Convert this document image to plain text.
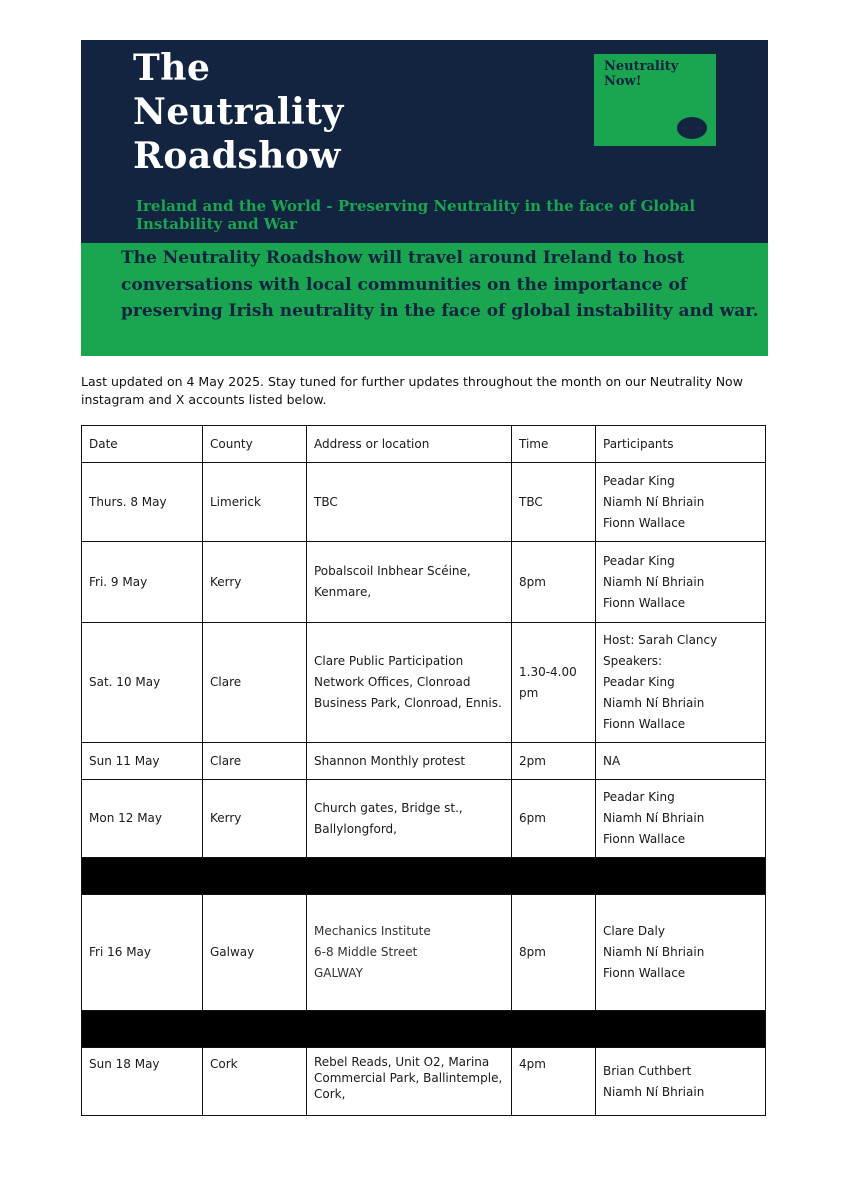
The
Neutrality
Roadshow
Neutrality
Now!

Ireland and the World - Preserving Neutrality in the face of Global Instability and War

The Neutrality Roadshow will travel around Ireland to host conversations with local communities on the importance of preserving Irish neutrality in the face of global instability and war.

Last updated on 4 May 2025. Stay tuned for further updates throughout the month on our Neutrality Now instagram and X accounts listed below.

Date	County	Address or location	Time	Participants
Thurs. 8 May	Limerick	TBC	TBC	Peadar King
Niamh Ní Bhriain
Fionn Wallace

Fri. 9 May	Kerry	Pobalscoil Inbhear Scéine,
Kenmare,	8pm	Peadar King
Niamh Ní Bhriain
Fionn Wallace

Sat. 10 May	Clare	Clare Public Participation
Network Offices, Clonroad
Business Park, Clonroad, Ennis.	1.30-4.00
pm	Host: Sarah Clancy
Speakers:
Peadar King
Niamh Ní Bhriain
Fionn Wallace

Sun 11 May	Clare	Shannon Monthly protest	2pm	NA

Mon 12 May	Kerry	Church gates, Bridge st.,
Ballylongford,	6pm	Peadar King
Niamh Ní Bhriain
Fionn Wallace

Fri 16 May	Galway	Mechanics Institute
6-8 Middle Street
GALWAY	8pm	Clare Daly
Niamh Ní Bhriain
Fionn Wallace

Sun 18 May	Cork	Rebel Reads, Unit O2, Marina
Commercial Park, Ballintemple,
Cork,	4pm	Brian Cuthbert
Niamh Ní Bhriain
